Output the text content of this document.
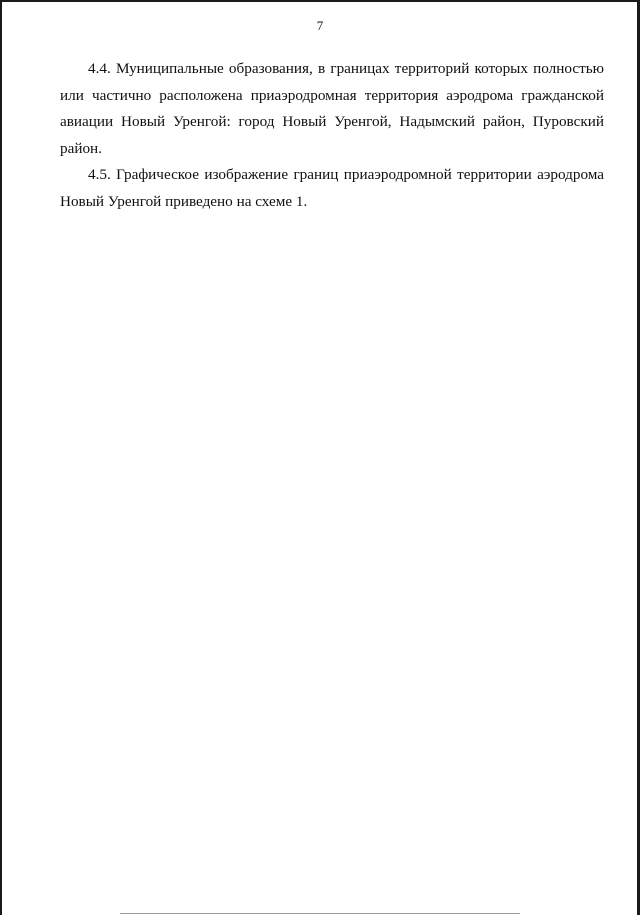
7

4.4. Муниципальные образования, в границах территорий которых полностью или частично расположена приаэродромная территория аэродрома гражданской авиации Новый Уренгой: город Новый Уренгой, Надымский район, Пуровский район.

4.5. Графическое изображение границ приаэродромной территории аэродрома Новый Уренгой приведено на схеме 1.
